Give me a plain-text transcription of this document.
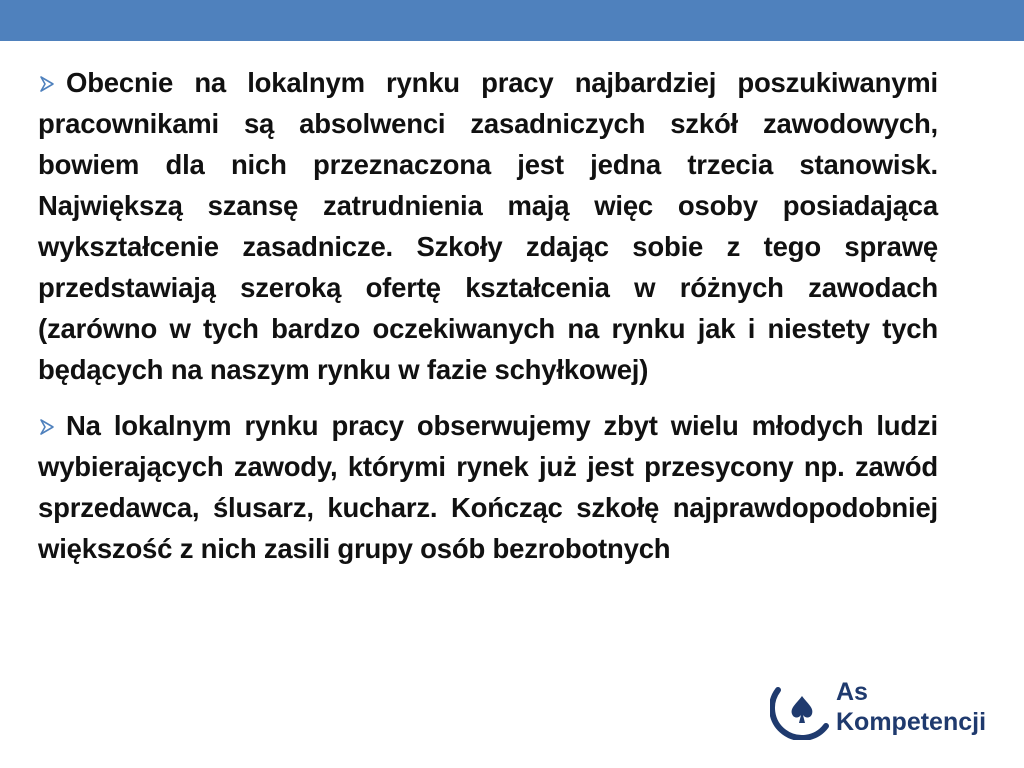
Obecnie na lokalnym rynku pracy najbardziej poszukiwanymi pracownikami są absolwenci zasadniczych szkół zawodowych, bowiem dla nich przeznaczona jest jedna trzecia stanowisk. Największą szansę zatrudnienia mają więc osoby posiadająca wykształcenie zasadnicze. Szkoły zdając sobie z tego sprawę przedstawiają szeroką ofertę kształcenia w różnych zawodach (zarówno w tych bardzo oczekiwanych na rynku jak i niestety tych będących na naszym rynku w fazie schyłkowej)

Na lokalnym rynku pracy obserwujemy zbyt wielu młodych ludzi wybierających zawody, którymi rynek już jest przesycony np. zawód sprzedawca, ślusarz, kucharz. Kończąc szkołę najprawdopodobniej większość z nich zasili grupy osób bezrobotnych

As
Kompetencji
